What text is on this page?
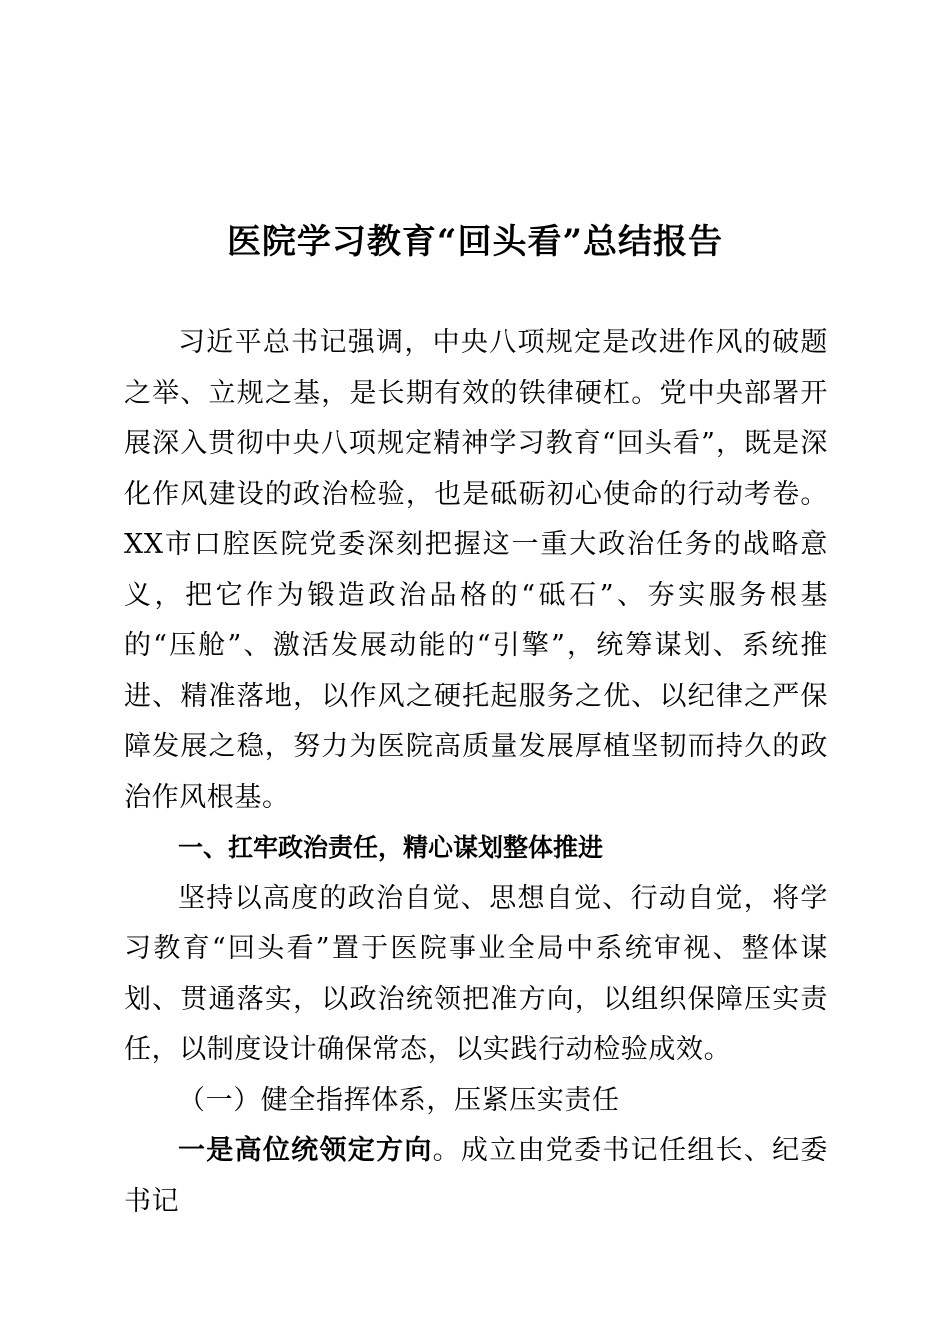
医院学习教育“回头看”总结报告

习近平总书记强调，中央八项规定是改进作风的破题之举、立规之基，是长期有效的铁律硬杠。党中央部署开展深入贯彻中央八项规定精神学习教育“回头看”，既是深化作风建设的政治检验，也是砥砺初心使命的行动考卷。XX市口腔医院党委深刻把握这一重大政治任务的战略意义，把它作为锻造政治品格的“砥石”、夯实服务根基的“压舱”、激活发展动能的“引擎”，统筹谋划、系统推进、精准落地，以作风之硬托起服务之优、以纪律之严保障发展之稳，努力为医院高质量发展厚植坚韧而持久的政治作风根基。

一、扛牢政治责任，精心谋划整体推进

坚持以高度的政治自觉、思想自觉、行动自觉，将学习教育“回头看”置于医院事业全局中系统审视、整体谋划、贯通落实，以政治统领把准方向，以组织保障压实责任，以制度设计确保常态，以实践行动检验成效。

（一）健全指挥体系，压紧压实责任

一是高位统领定方向。成立由党委书记任组长、纪委书记
